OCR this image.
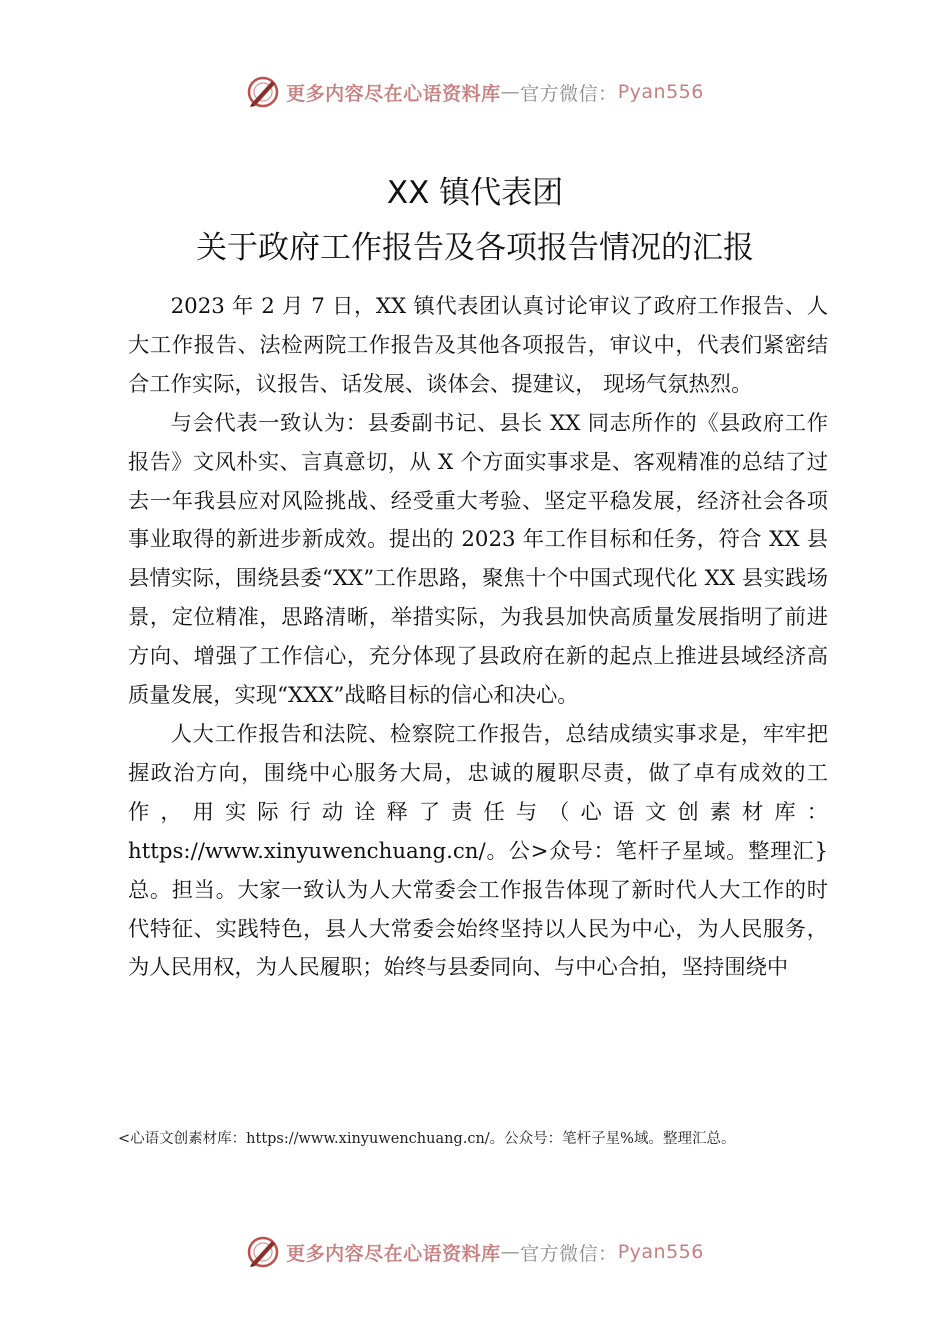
更多内容尽在心语资料库 — 官方微信： Pyan556
XX 镇代表团
关于政府工作报告及各项报告情况的汇报

2023 年 2 月 7 日，XX 镇代表团认真讨论审议了政府工作报告、人大工作报告、法检两院工作报告及其他各项报告，审议中，代表们紧密结合工作实际，议报告、话发展、谈体会、提建议， 现场气氛热烈。

与会代表一致认为：县委副书记、县长 XX 同志所作的《县政府工作报告》文风朴实、言真意切，从 X 个方面实事求是、客观精准的总结了过去一年我县应对风险挑战、经受重大考验、坚定平稳发展，经济社会各项事业取得的新进步新成效。提出的 2023 年工作目标和任务，符合 XX 县县情实际，围绕县委“XX”工作思路，聚焦十个中国式现代化 XX 县实践场景，定位精准，思路清晰，举措实际，为我县加快高质量发展指明了前进方向、增强了工作信心，充分体现了县政府在新的起点上推进县域经济高质量发展，实现“XXX”战略目标的信心和决心。

人大工作报告和法院、检察院工作报告，总结成绩实事求是，牢牢把握政治方向，围绕中心服务大局，忠诚的履职尽责，做了卓有成效的工作，用实际行动诠释了责任与（心语文创素材库：https://www.xinyuwenchuang.cn/。公>众号：笔杆子星域。整理汇}总。担当。大家一致认为人大常委会工作报告体现了新时代人大工作的时代特征、实践特色，县人大常委会始终坚持以人民为中心，为人民服务，为人民用权，为人民履职；始终与县委同向、与中心合拍，坚持围绕中

<心语文创素材库：https://www.xinyuwenchuang.cn/。公众号：笔杆子星%域。整理汇总。
更多内容尽在心语资料库 — 官方微信： Pyan556
